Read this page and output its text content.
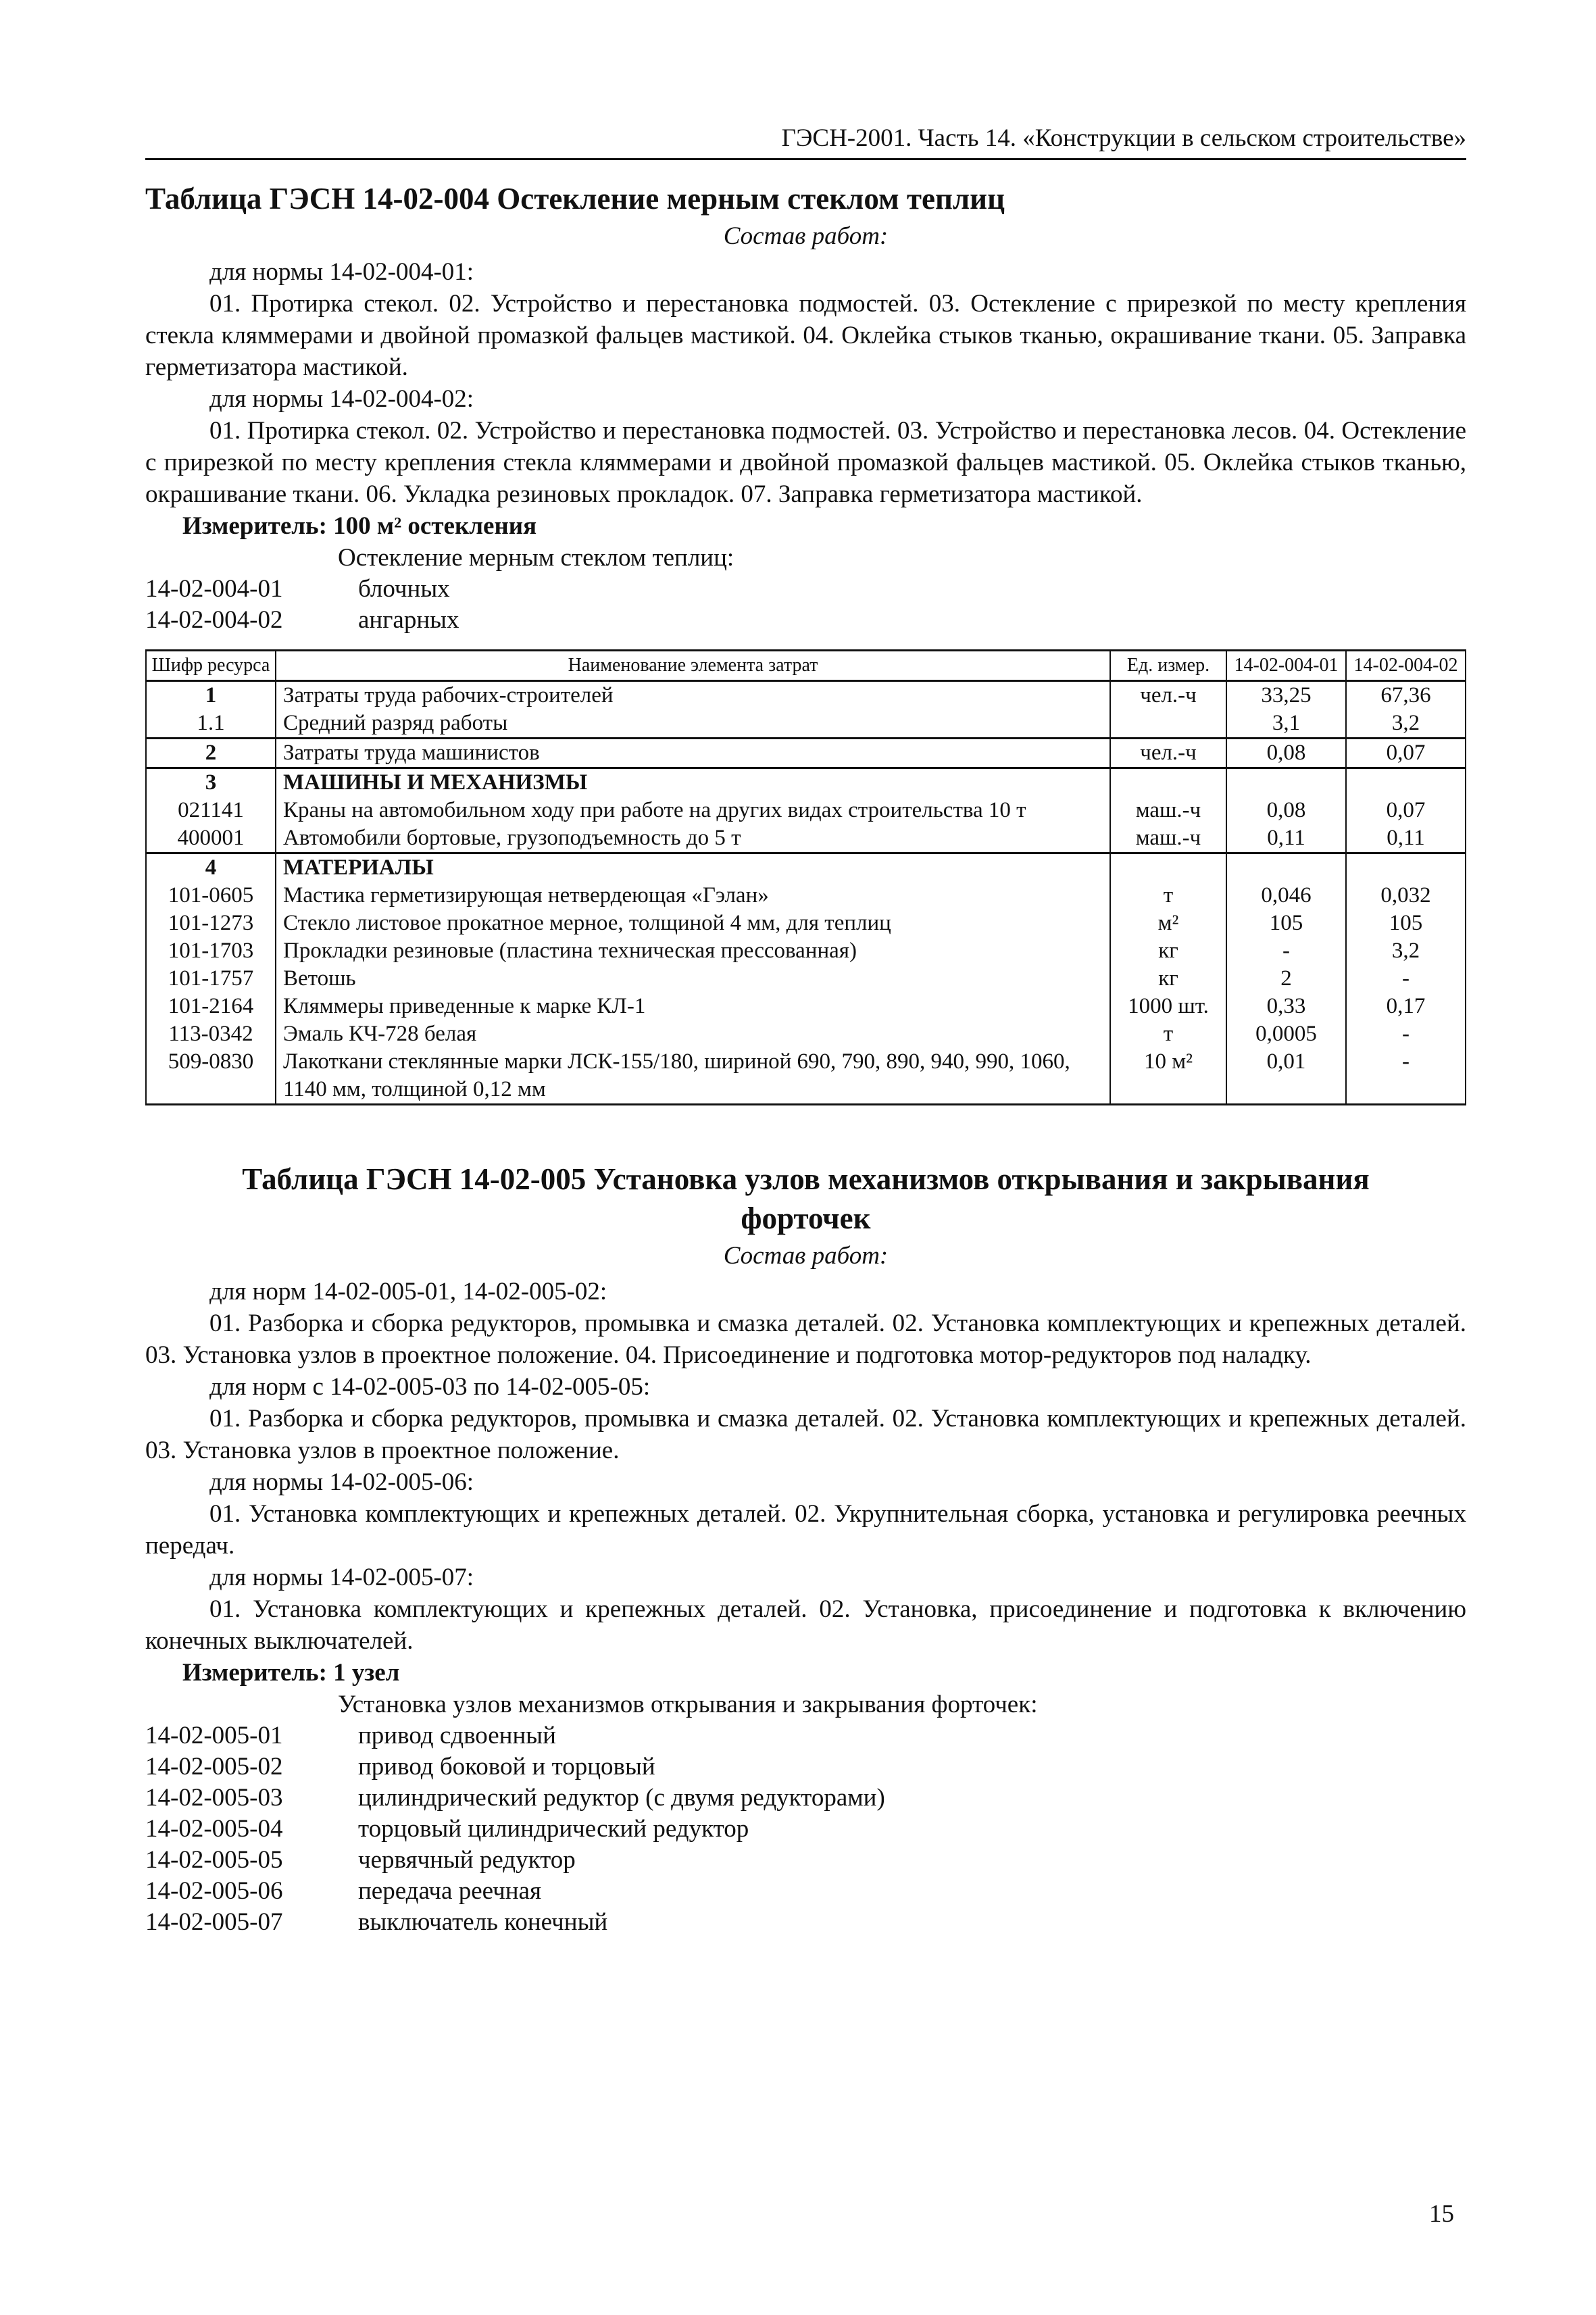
ГЭСН-2001. Часть 14. «Конструкции в сельском строительстве»
Таблица ГЭСН 14-02-004 Остекление мерным стеклом теплиц
Состав работ:
для нормы 14-02-004-01:

01. Протирка стекол. 02. Устройство и перестановка подмостей. 03. Остекление с прирезкой по месту крепления стекла кляммерами и двойной промазкой фальцев мастикой. 04. Оклейка стыков тканью, окрашивание ткани. 05. Заправка герметизатора мастикой.

для нормы 14-02-004-02:

01. Протирка стекол. 02. Устройство и перестановка подмостей. 03. Устройство и перестановка лесов. 04. Остекление с прирезкой по месту крепления стекла кляммерами и двойной промазкой фальцев мастикой. 05. Оклейка стыков тканью, окрашивание ткани. 06. Укладка резиновых прокладок. 07. Заправка герметизатора мастикой.

Измеритель: 100 м² остекления
Остекление мерным стеклом теплиц:
14-02-004-01	блочных
14-02-004-02	ангарных
Шифр ресурса	Наименование элемента затрат	Ед. измер.	14-02-004-01	14-02-004-02
1	Затраты труда рабочих-строителей	чел.-ч	33,25	67,36
1.1	Средний разряд работы		3,1	3,2
2	Затраты труда машинистов	чел.-ч	0,08	0,07
3	МАШИНЫ И МЕХАНИЗМЫ			
021141	Краны на автомобильном ходу при работе на других видах строительства 10 т	маш.-ч	0,08	0,07
400001	Автомобили бортовые, грузоподъемность до 5 т	маш.-ч	0,11	0,11
4	МАТЕРИАЛЫ			
101-0605	Мастика герметизирующая нетвердеющая «Гэлан»	т	0,046	0,032
101-1273	Стекло листовое прокатное мерное, толщиной 4 мм, для теплиц	м²	105	105
101-1703	Прокладки резиновые (пластина техническая прессованная)	кг	-	3,2
101-1757	Ветошь	кг	2	-
101-2164	Кляммеры приведенные к марке КЛ-1	1000 шт.	0,33	0,17
113-0342	Эмаль КЧ-728 белая	т	0,0005	-
509-0830	Лакоткани стеклянные марки ЛСК-155/180, шириной 690, 790, 890, 940, 990, 1060, 1140 мм, толщиной 0,12 мм	10 м²	0,01	-
Таблица ГЭСН 14-02-005 Установка узлов механизмов открывания и закрывания
форточек
Состав работ:
для норм 14-02-005-01, 14-02-005-02:

01. Разборка и сборка редукторов, промывка и смазка деталей. 02. Установка комплектующих и крепежных деталей. 03. Установка узлов в проектное положение. 04. Присоединение и подготовка мотор-редукторов под наладку.

для норм с 14-02-005-03 по 14-02-005-05:

01. Разборка и сборка редукторов, промывка и смазка деталей. 02. Установка комплектующих и крепежных деталей. 03. Установка узлов в проектное положение.

для нормы 14-02-005-06:

01. Установка комплектующих и крепежных деталей. 02. Укрупнительная сборка, установка и регулировка реечных передач.

для нормы 14-02-005-07:

01. Установка комплектующих и крепежных деталей. 02. Установка, присоединение и подготовка к включению конечных выключателей.

Измеритель: 1 узел
Установка узлов механизмов открывания и закрывания форточек:
14-02-005-01	привод сдвоенный
14-02-005-02	привод боковой и торцовый
14-02-005-03	цилиндрический редуктор (с двумя редукторами)
14-02-005-04	торцовый цилиндрический редуктор
14-02-005-05	червячный редуктор
14-02-005-06	передача реечная
14-02-005-07	выключатель конечный
15
